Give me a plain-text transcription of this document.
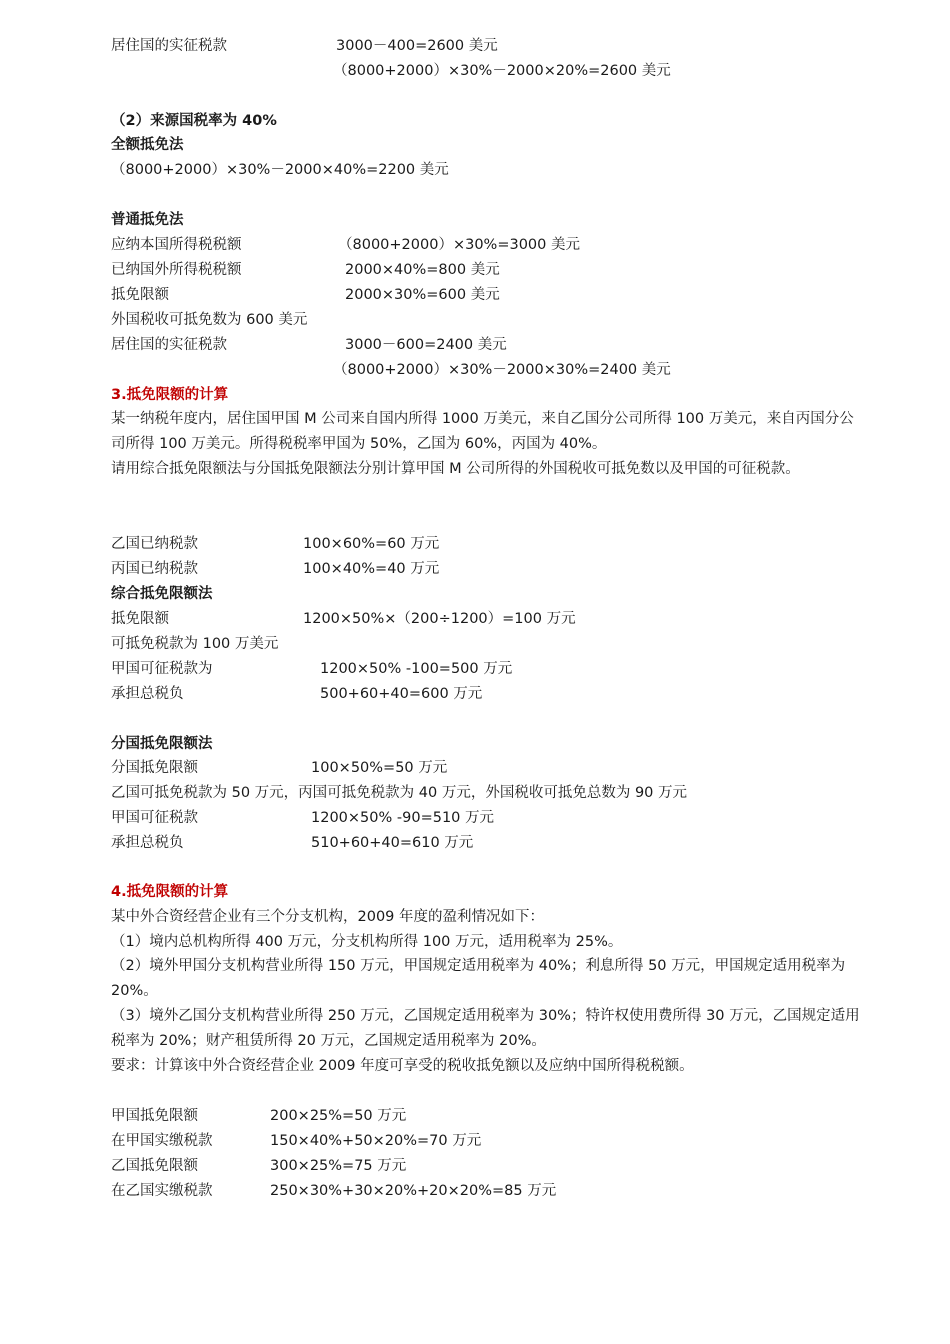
居住国的实征税款	3000－400=2600 美元
（8000+2000）×30%－2000×20%=2600 美元
（2）来源国税率为 40%
全额抵免法
（8000+2000）×30%－2000×40%=2200 美元
普通抵免法
应纳本国所得税税额	（8000+2000）×30%=3000 美元
已纳国外所得税税额	2000×40%=800 美元
抵免限额	2000×30%=600 美元
外国税收可抵免数为 600 美元
居住国的实征税款	3000－600=2400 美元
（8000+2000）×30%－2000×30%=2400 美元
3.抵免限额的计算
某一纳税年度内，居住国甲国 M 公司来自国内所得 1000 万美元，来自乙国分公司所得 100 万美元，来自丙国分公司所得 100 万美元。所得税税率甲国为 50%，乙国为 60%，丙国为 40%。
请用综合抵免限额法与分国抵免限额法分别计算甲国 M 公司所得的外国税收可抵免数以及甲国的可征税款。
乙国已纳税款	100×60%=60 万元
丙国已纳税款	100×40%=40 万元
综合抵免限额法
抵免限额	1200×50%×（200÷1200）=100 万元
可抵免税款为 100 万美元
甲国可征税款为	1200×50% -100=500 万元
承担总税负	500+60+40=600 万元
分国抵免限额法
分国抵免限额	100×50%=50 万元
乙国可抵免税款为 50 万元，丙国可抵免税款为 40 万元，外国税收可抵免总数为 90 万元
甲国可征税款	1200×50% -90=510 万元
承担总税负	510+60+40=610 万元
4.抵免限额的计算
某中外合资经营企业有三个分支机构，2009 年度的盈利情况如下：
（1）境内总机构所得 400 万元，分支机构所得 100 万元，适用税率为 25%。
（2）境外甲国分支机构营业所得 150 万元，甲国规定适用税率为 40%；利息所得 50 万元，甲国规定适用税率为 20%。
（3）境外乙国分支机构营业所得 250 万元，乙国规定适用税率为 30%；特许权使用费所得 30 万元，乙国规定适用税率为 20%；财产租赁所得 20 万元，乙国规定适用税率为 20%。
要求：计算该中外合资经营企业 2009 年度可享受的税收抵免额以及应纳中国所得税税额。
甲国抵免限额	200×25%=50 万元
在甲国实缴税款	150×40%+50×20%=70 万元
乙国抵免限额	300×25%=75 万元
在乙国实缴税款	250×30%+30×20%+20×20%=85 万元
